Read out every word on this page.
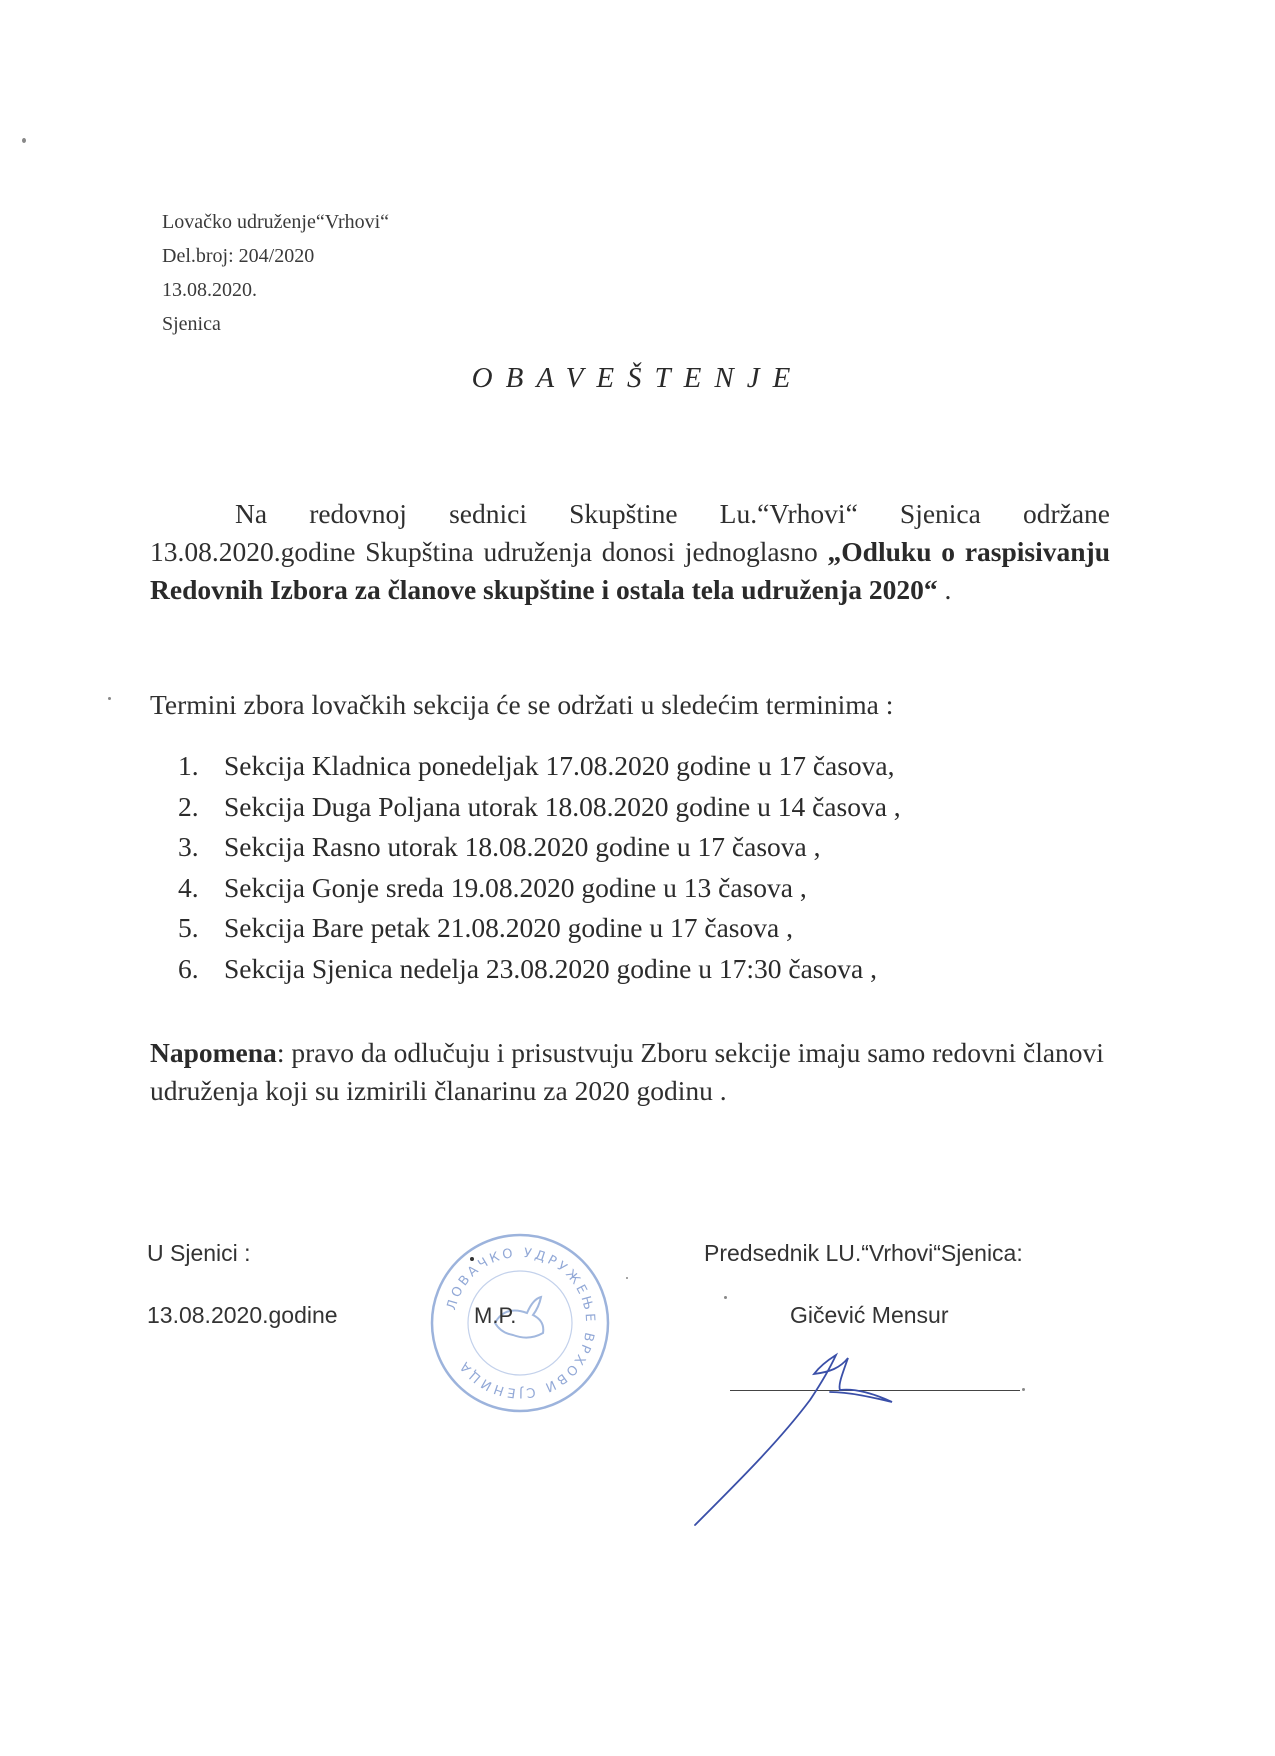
Lovačko udruženje“Vrhovi“
Del.broj: 204/2020
13.08.2020.
Sjenica
OBAVEŠTENJE
Na redovnoj sednici Skupštine Lu.“Vrhovi“ Sjenica održane 13.08.2020.godine Skupština udruženja donosi jednoglasno „Odluku o raspisivanju Redovnih Izbora za članove skupštine i ostala tela udruženja 2020“ .
Termini zbora lovačkih sekcija će se održati u sledećim terminima :
1. Sekcija Kladnica ponedeljak 17.08.2020 godine u 17 časova,
2. Sekcija Duga Poljana utorak 18.08.2020 godine u 14 časova ,
3. Sekcija Rasno utorak 18.08.2020 godine u 17 časova ,
4. Sekcija Gonje sreda 19.08.2020 godine u 13 časova ,
5. Sekcija Bare petak 21.08.2020 godine u 17 časova ,
6. Sekcija Sjenica nedelja 23.08.2020 godine u 17:30 časova ,
Napomena: pravo da odlučuju i prisustvuju Zboru sekcije imaju samo redovni članovi udruženja koji su izmirili članarinu za 2020 godinu .
U Sjenici :
13.08.2020.godine	ЛОВАЧКО УДРУЖЕЊЕ ВРХОВИ СЈЕНИЦА
M.P.
Predsednik LU.“Vrhovi“Sjenica:
Gičević Mensur
